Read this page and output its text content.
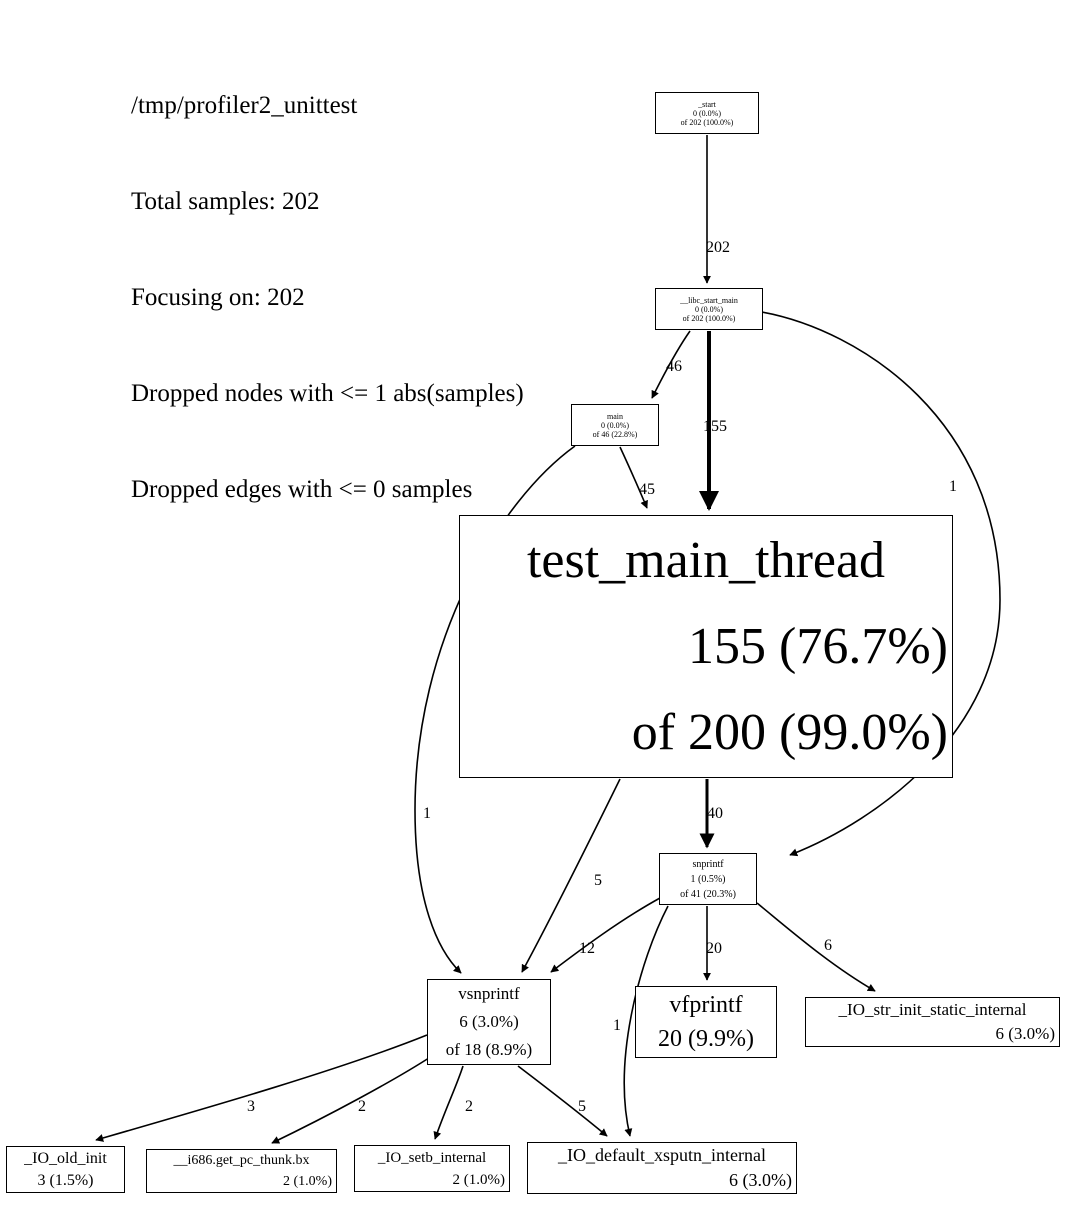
/tmp/profiler2_unittest

Total samples: 202

Focusing on: 202

Dropped nodes with <= 1 abs(samples)

Dropped edges with <= 0 samples

_start
0 (0.0%)
of 202 (100.0%)
__libc_start_main
0 (0.0%)
of 202 (100.0%)
main
0 (0.0%)
of 46 (22.8%)
test_main_thread
155 (76.7%)
of 200 (99.0%)
snprintf
1 (0.5%)
of 41 (20.3%)
vsnprintf
6 (3.0%)
of 18 (8.9%)
vfprintf
20 (9.9%)
_IO_str_init_static_internal
6 (3.0%)
_IO_old_init
3 (1.5%)
__i686.get_pc_thunk.bx
2 (1.0%)
_IO_setb_internal
2 (1.0%)
_IO_default_xsputn_internal
6 (3.0%)
202
46
155
1
45
1	40
5
12	20	6
1
3	2	2	5
